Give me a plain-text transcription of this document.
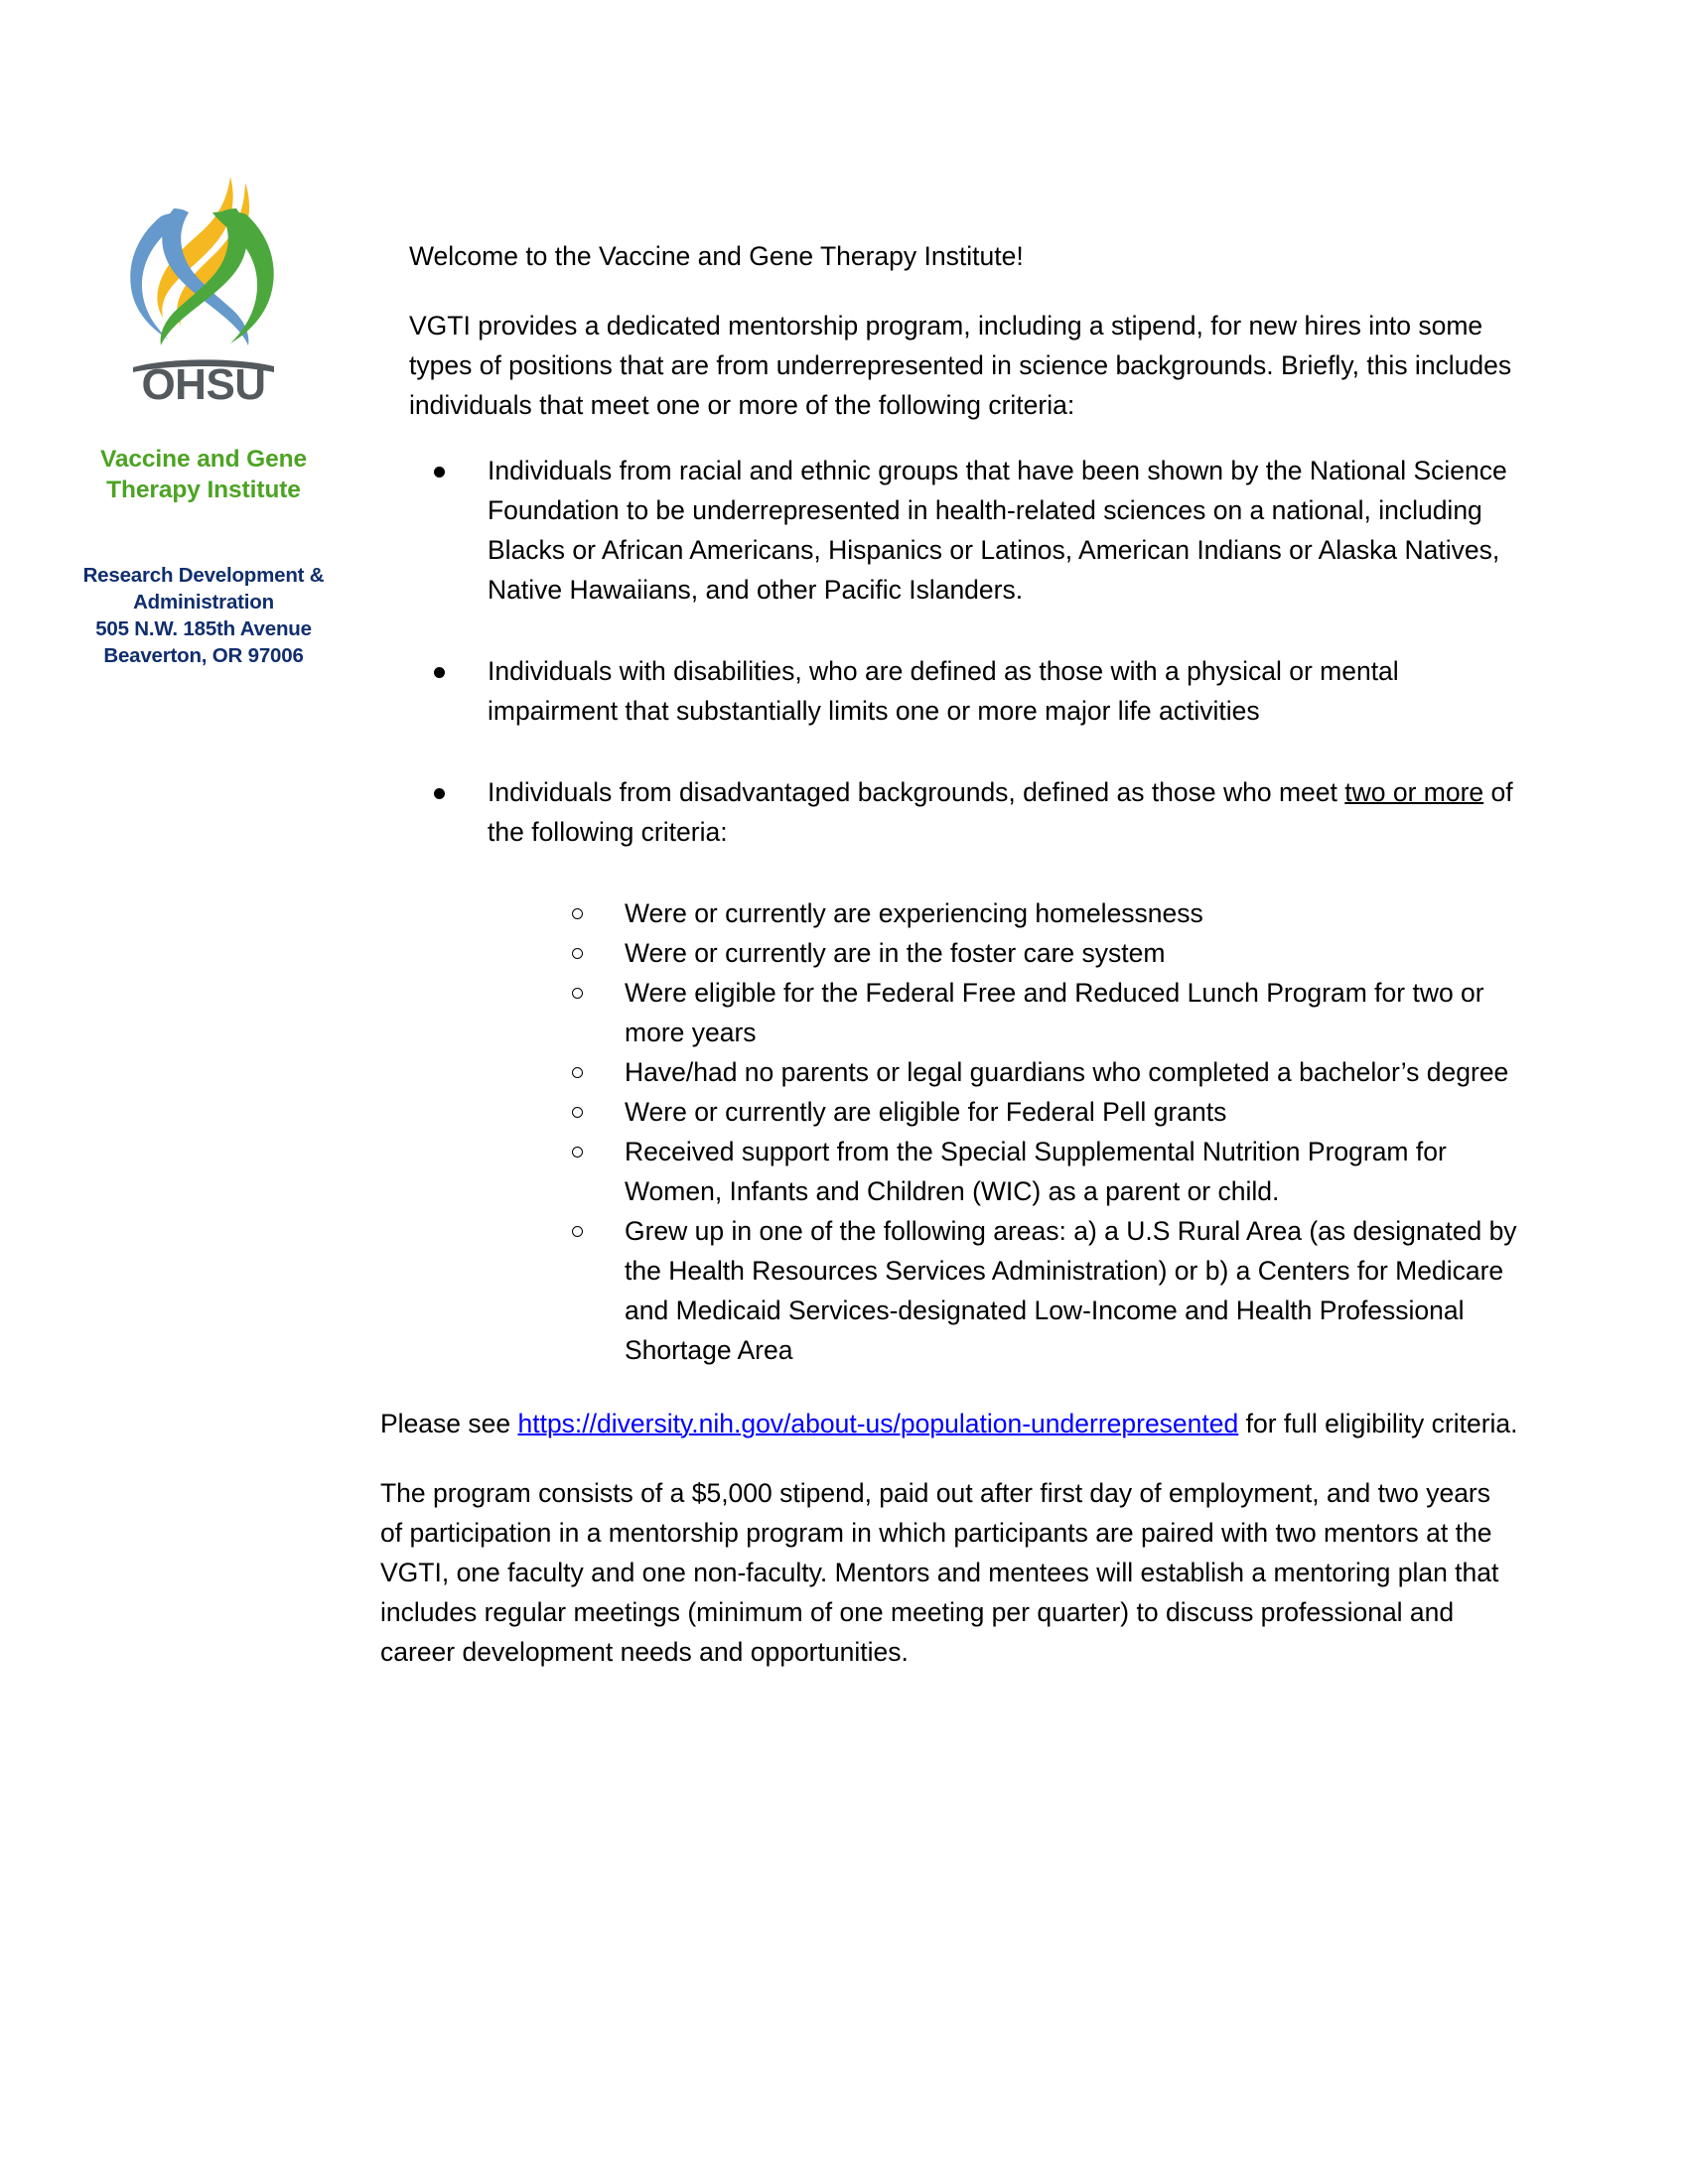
OHSU
Vaccine and Gene
Therapy Institute
Research Development &
Administration
505 N.W. 185th Avenue
Beaverton, OR 97006

Welcome to the Vaccine and Gene Therapy Institute!

VGTI provides a dedicated mentorship program, including a stipend, for new hires into some types of positions that are from underrepresented in science backgrounds. Briefly, this includes individuals that meet one or more of the following criteria:

Individuals from racial and ethnic groups that have been shown by the National Science Foundation to be underrepresented in health-related sciences on a national, including Blacks or African Americans, Hispanics or Latinos, American Indians or Alaska Natives, Native Hawaiians, and other Pacific Islanders.
Individuals with disabilities, who are defined as those with a physical or mental impairment that substantially limits one or more major life activities
Individuals from disadvantaged backgrounds, defined as those who meet two or more of the following criteria:
Were or currently are experiencing homelessness
Were or currently are in the foster care system
Were eligible for the Federal Free and Reduced Lunch Program for two or more years
Have/had no parents or legal guardians who completed a bachelor’s degree
Were or currently are eligible for Federal Pell grants
Received support from the Special Supplemental Nutrition Program for Women, Infants and Children (WIC) as a parent or child.
Grew up in one of the following areas: a) a U.S Rural Area (as designated by the Health Resources Services Administration) or b) a Centers for Medicare and Medicaid Services-designated Low-Income and Health Professional Shortage Area

Please see https://diversity.nih.gov/about-us/population-underrepresented for full eligibility criteria.

The program consists of a $5,000 stipend, paid out after first day of employment, and two years of participation in a mentorship program in which participants are paired with two mentors at the VGTI, one faculty and one non-faculty. Mentors and mentees will establish a mentoring plan that includes regular meetings (minimum of one meeting per quarter) to discuss professional and career development needs and opportunities.
